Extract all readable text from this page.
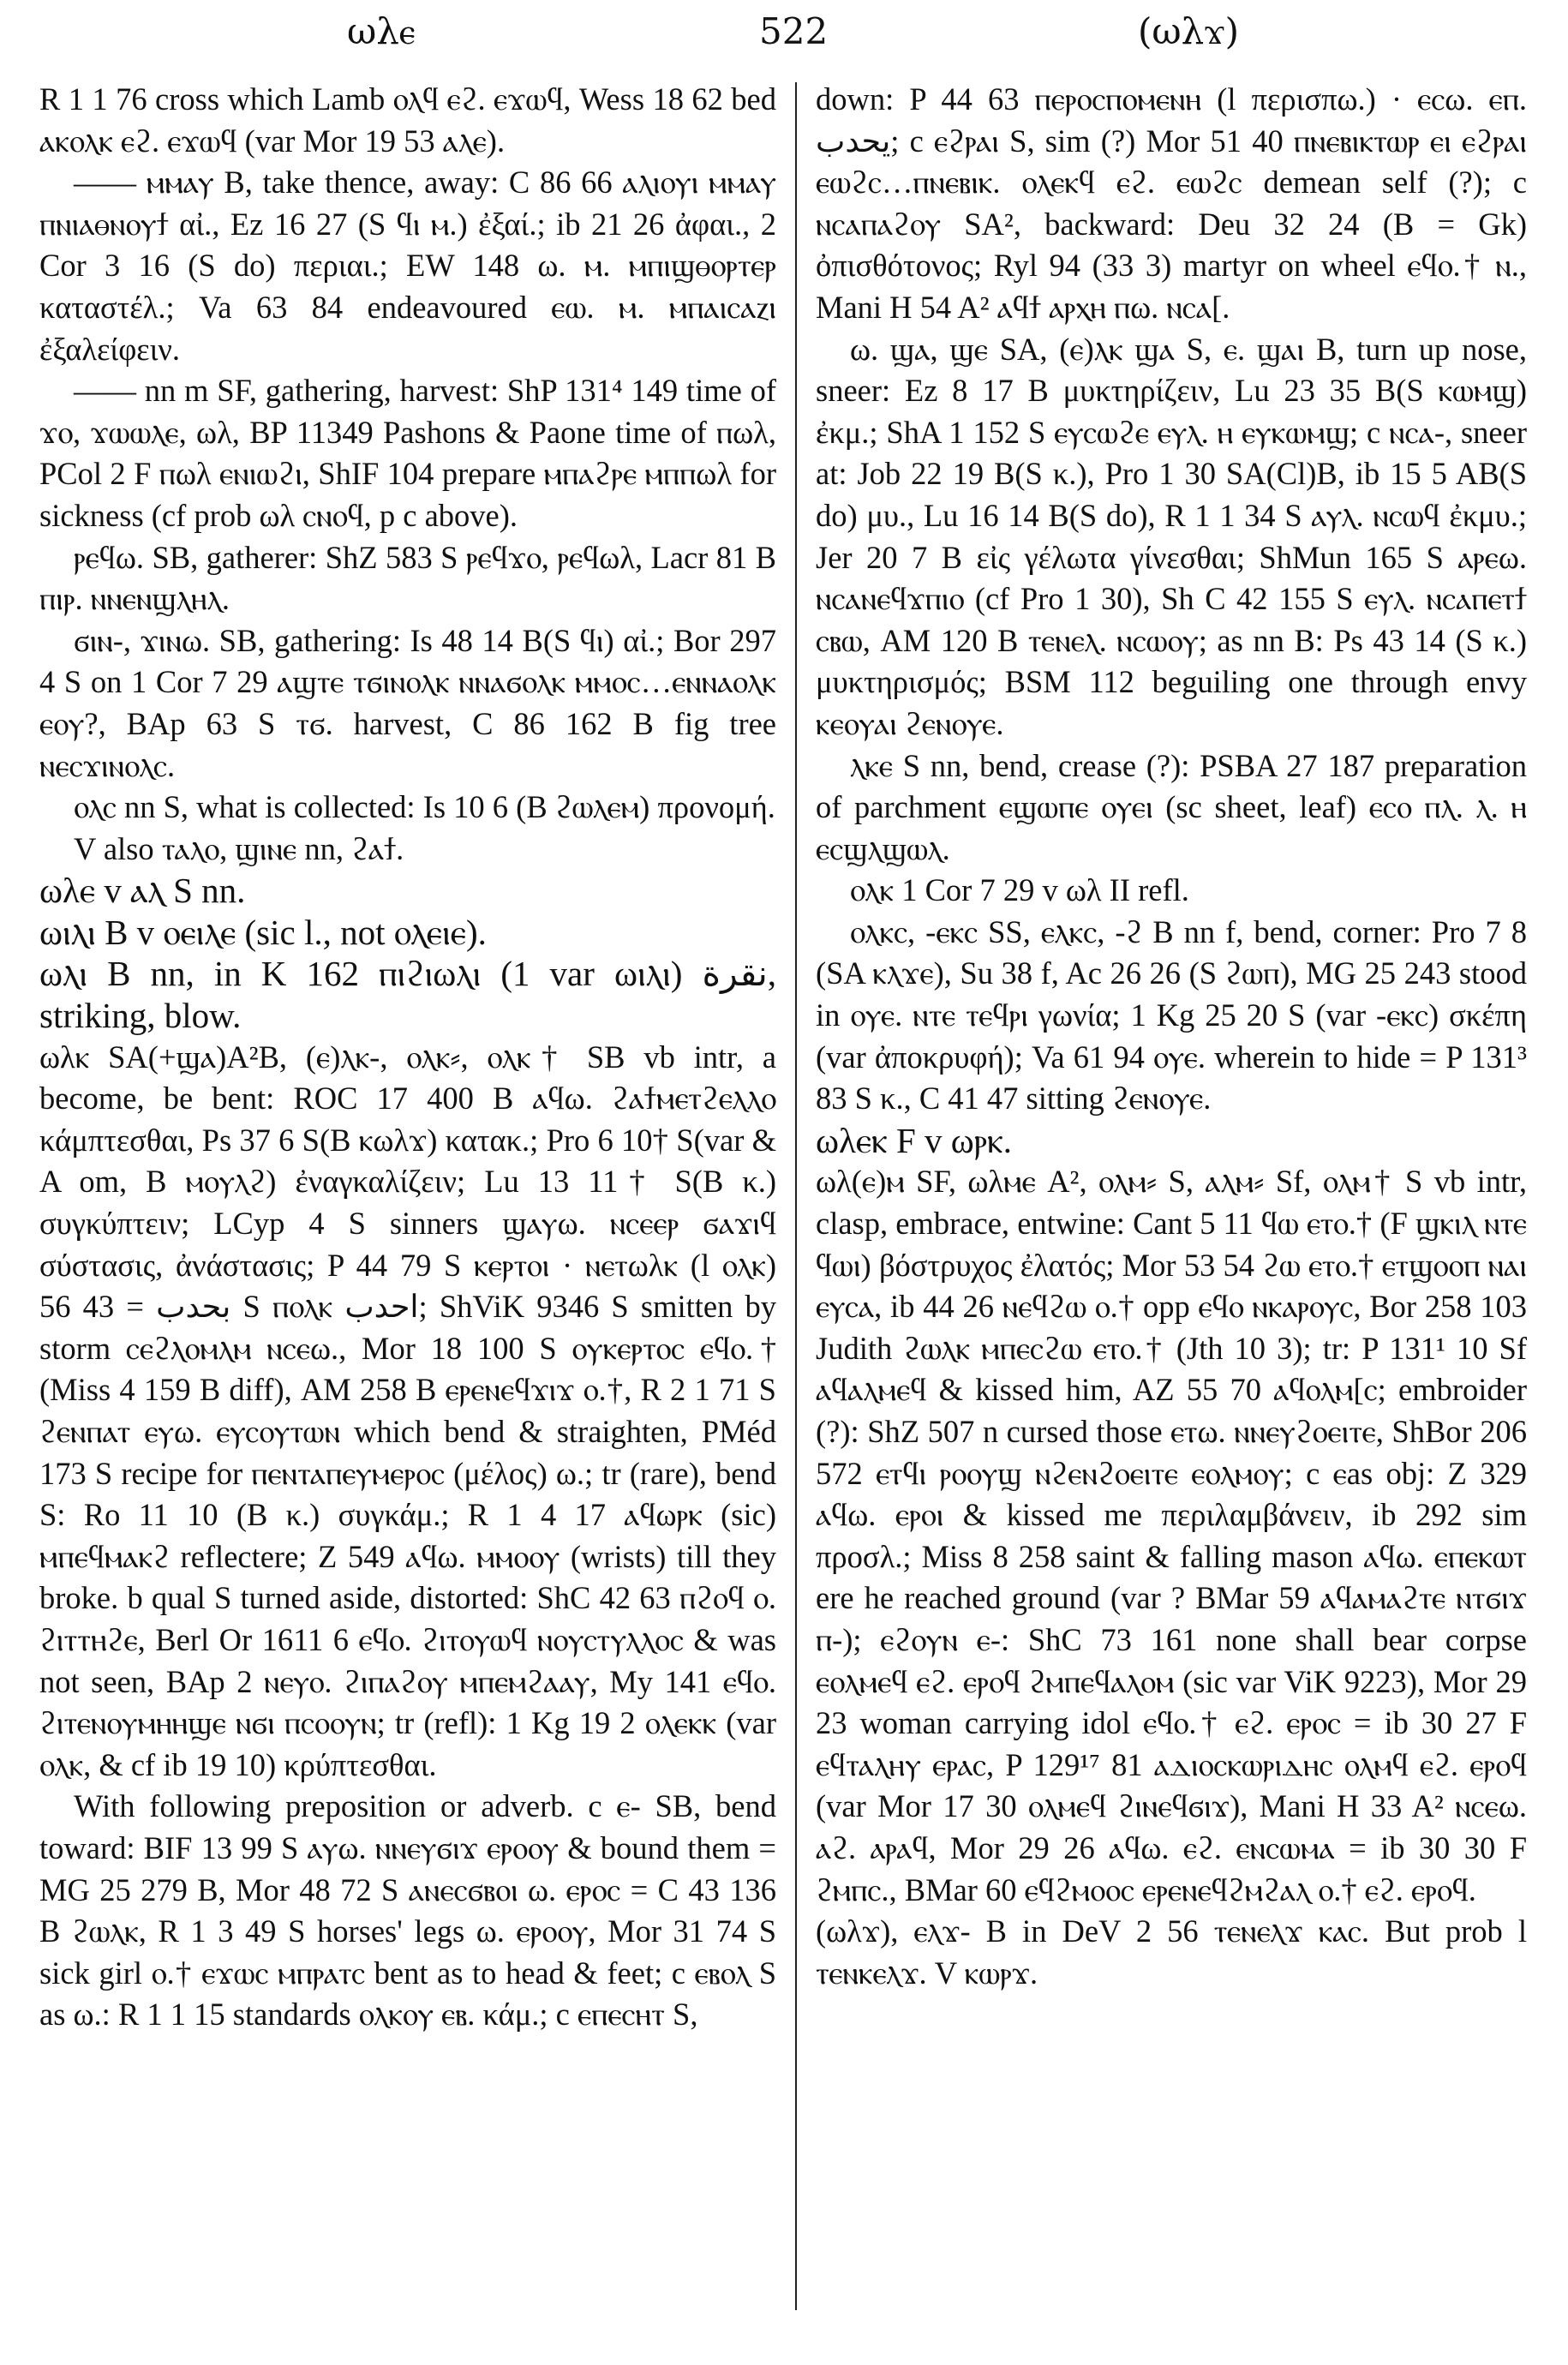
ωλⲉ	522	(ωλϫ)

R 1 1 76 cross which Lamb ⲟⲗϥ ⲉϩ. ⲉϫⲱϥ, Wess 18 62 bed ⲁⲕⲟⲗⲕ ⲉϩ. ⲉϫⲱϥ (var Mor 19 53 ⲁⲗⲉ).

—— ⲙⲙⲁⲩ B, take thence, away: C 86 66 ⲁⲗⲓⲟⲩⲓ ⲙⲙⲁⲩ ⲡⲛⲓⲁⲑⲛⲟⲩϯ αἰ., Ez 16 27 (S ϥⲓ ⲙ.) ἐξαί.; ib 21 26 ἀφαι., 2 Cor 3 16 (S do) περιαι.; EW 148 ω. ⲙ. ⲙⲡⲓϣⲑⲟⲣⲧⲉⲣ καταστέλ.; Va 63 84 endeavoured ⲉⲱ. ⲙ. ⲙⲡⲁⲓⲥⲁⲍⲓ ἐξαλείφειν.

—— nn m SF, gathering, harvest: ShP 131⁴ 149 time of ϫⲟ, ϫⲱⲱⲗⲉ, ωλ, BP 11349 Pashons & Paone time of ⲡωλ, PCol 2 F ⲡωλ ⲉⲛⲓⲱϩⲓ, ShIF 104 prepare ⲙⲡⲁϩⲣⲉ ⲙⲡⲡωλ for sickness (cf prob ωλ ⲥⲛⲟϥ, p c above).

ⲣⲉϥω. SB, gatherer: ShZ 583 S ⲣⲉϥϫⲟ, ⲣⲉϥωλ, Lacr 81 B ⲡⲓⲣ. ⲛⲛⲉⲛϣⲗⲏⲗ.

ϭⲓⲛ-, ϫⲓⲛω. SB, gathering: Is 48 14 B(S ϥⲓ) αἰ.; Bor 297 4 S on 1 Cor 7 29 ⲁϣⲧⲉ ⲧϭⲓⲛⲟⲗⲕ ⲛⲛⲁϭⲟⲗⲕ ⲙⲙⲟⲥ…ⲉⲛⲛⲁⲟⲗⲕ ⲉⲟⲩ?, BAp 63 S ⲧϭ. harvest, C 86 162 B fig tree ⲛⲉⲥϫⲓⲛⲟⲗⲥ.

ⲟⲗⲥ nn S, what is collected: Is 10 6 (B ϩⲱⲗⲉⲙ) προνομή.

V also ⲧⲁⲗⲟ, ϣⲓⲛⲉ nn, ϩⲁϯ.

ωλⲉ v ⲁⲗ S nn.

ωⲓⲗⲓ B v ⲟⲉⲓⲗⲉ (sic l., not ⲟⲗⲉⲓⲉ).

ωⲗⲓ B nn, in K 162 ⲡⲓϩⲓωⲗⲓ (1 var ωⲓⲗⲓ) نقرة, striking, blow.

ωλⲕ SA(+ϣⲁ)A²B, (ⲉ)ⲗⲕ-, ⲟⲗⲕ⸗, ⲟⲗⲕ† SB vb intr, a become, be bent: ROC 17 400 B ⲁϥω. ϩⲁϯⲙⲉⲧϩⲉⲗⲗⲟ κάμπτεσθαι, Ps 37 6 S(B ⲕωλϫ) κατακ.; Pro 6 10† S(var & A om, B ⲙⲟⲩⲗϩ) ἐναγκαλίζειν; Lu 13 11† S(B κ.) συγκύπτειν; LCyp 4 S sinners ϣⲁⲩω. ⲛⲥⲉⲉⲣ ϭⲁϫⲓϥ σύστασις, ἀνάστασις; P 44 79 S ⲕⲉⲣⲧⲟⲓ · ⲛⲉⲧωλⲕ (l ⲟⲗⲕ) بحدب = 43 56 S ⲡⲟⲗⲕ احدب; ShViK 9346 S smitten by storm ⲥⲉϩⲗⲟⲙⲗⲙ ⲛⲥⲉω., Mor 18 100 S ⲟⲩⲕⲉⲣⲧⲟⲥ ⲉϥⲟ.† (Miss 4 159 B diff), AM 258 B ⲉⲣⲉⲛⲉϥϫⲓϫ ⲟ.†, R 2 1 71 S ϩⲉⲛⲡⲁⲧ ⲉⲩω. ⲉⲩⲥⲟⲩⲧⲱⲛ which bend & straighten, PMéd 173 S recipe for ⲡⲉⲛⲧⲁⲡⲉⲩⲙⲉⲣⲟⲥ (μέλος) ω.; tr (rare), bend S: Ro 11 10 (B κ.) συγκάμ.; R 1 4 17 ⲁϥωⲣⲕ (sic) ⲙⲡⲉϥⲙⲁⲕϩ reflectere; Z 549 ⲁϥω. ⲙⲙⲟⲟⲩ (wrists) till they broke. b qual S turned aside, distorted: ShC 42 63 ⲡϩⲟϥ ⲟ. ϩⲓⲧⲧⲏϩⲉ, Berl Or 1611 6 ⲉϥⲟ. ϩⲓⲧⲟⲩⲱϥ ⲛⲟⲩⲥⲧⲩⲗⲗⲟⲥ & was not seen, BAp 2 ⲛⲉⲩⲟ. ϩⲓⲡⲁϩⲟⲩ ⲙⲡⲉⲙϩⲁⲁⲩ, My 141 ⲉϥⲟ. ϩⲓⲧⲉⲛⲟⲩⲙⲏⲏϣⲉ ⲛϭⲓ ⲡⲥⲟⲟⲩⲛ; tr (refl): 1 Kg 19 2 ⲟⲗⲉⲕⲕ (var ⲟⲗⲕ, & cf ib 19 10) κρύπτεσθαι.

With following preposition or adverb. c ⲉ- SB, bend toward: BIF 13 99 S ⲁⲩω. ⲛⲛⲉⲩϭⲓϫ ⲉⲣⲟⲟⲩ & bound them = MG 25 279 B, Mor 48 72 S ⲁⲛⲉⲥϭⲃⲟⲓ ω. ⲉⲣⲟⲥ = C 43 136 B ϩⲱⲗⲕ, R 1 3 49 S horses' legs ω. ⲉⲣⲟⲟⲩ, Mor 31 74 S sick girl ⲟ.† ⲉϫⲱⲥ ⲙⲡⲣⲁⲧⲥ bent as to head & feet; c ⲉⲃⲟⲗ S as ω.: R 1 1 15 standards ⲟⲗⲕⲟⲩ ⲉⲃ. κάμ.; c ⲉⲡⲉⲥⲏⲧ S,

down: P 44 63 ⲡⲉⲣⲟⲥⲡⲟⲙⲉⲛⲏ (l περισπω.) · ⲉⲥω. ⲉⲡ. يحدب; c ⲉϩⲣⲁⲓ S, sim (?) Mor 51 40 ⲡⲛⲉⲃⲓⲕⲧⲱⲣ ⲉⲓ ⲉϩⲣⲁⲓ ⲉⲱϩⲥ…ⲡⲛⲉⲃⲓⲕ. ⲟⲗⲉⲕϥ ⲉϩ. ⲉⲱϩⲥ demean self (?); c ⲛⲥⲁⲡⲁϩⲟⲩ SA², backward: Deu 32 24 (B = Gk) ὀπισθότονος; Ryl 94 (33 3) martyr on wheel ⲉϥⲟ.† ⲛ., Mani H 54 A² ⲁϥϯ ⲁⲣⲭⲏ ⲡω. ⲛⲥⲁ[.

ω. ϣⲁ, ϣⲉ SA, (ⲉ)ⲗⲕ ϣⲁ S, ⲉ. ϣⲁⲓ B, turn up nose, sneer: Ez 8 17 B μυκτηρίζειν, Lu 23 35 B(S ⲕⲱⲙϣ) ἐκμ.; ShA 1 152 S ⲉⲩⲥⲱϩⲉ ⲉⲩⲗ. ⲏ ⲉⲩⲕⲱⲙϣ; c ⲛⲥⲁ-, sneer at: Job 22 19 B(S κ.), Pro 1 30 SA(Cl)B, ib 15 5 AB(S do) μυ., Lu 16 14 B(S do), R 1 1 34 S ⲁⲩⲗ. ⲛⲥⲱϥ ἐκμυ.; Jer 20 7 B εἰς γέλωτα γίνεσθαι; ShMun 165 S ⲁⲣⲉω. ⲛⲥⲁⲛⲉϥϫⲡⲓⲟ (cf Pro 1 30), Sh C 42 155 S ⲉⲩⲗ. ⲛⲥⲁⲡⲉⲧϯ ⲥⲃⲱ, AM 120 B ⲧⲉⲛⲉⲗ. ⲛⲥⲱⲟⲩ; as nn B: Ps 43 14 (S κ.) μυκτηρισμός; BSM 112 beguiling one through envy ⲕⲉⲟⲩⲁⲓ ϩⲉⲛⲟⲩⲉ.

ⲗⲕⲉ S nn, bend, crease (?): PSBA 27 187 preparation of parchment ⲉϣⲱⲡⲉ ⲟⲩⲉⲓ (sc sheet, leaf) ⲉⲥⲟ ⲡⲗ. ⲗ. ⲏ ⲉⲥϣⲗϣⲱⲗ.

ⲟⲗⲕ 1 Cor 7 29 v ωλ II refl.

ⲟⲗⲕⲥ, -ⲉⲕⲥ SS, ⲉⲗⲕⲥ, -ϩ B nn f, bend, corner: Pro 7 8 (SA ⲕⲗϫⲉ), Su 38 f, Ac 26 26 (S ϩⲱⲡ), MG 25 243 stood in ⲟⲩⲉ. ⲛⲧⲉ ⲧⲉϥⲣⲓ γωνία; 1 Kg 25 20 S (var -ⲉⲕⲥ) σκέπη (var ἀποκρυφή); Va 61 94 ⲟⲩⲉ. wherein to hide = P 131³ 83 S κ., C 41 47 sitting ϩⲉⲛⲟⲩⲉ.

ωλⲉⲕ F v ωⲣⲕ.

ωλ(ⲉ)ⲙ SF, ωλⲙⲉ A², ⲟⲗⲙ⸗ S, ⲁⲗⲙ⸗ Sf, ⲟⲗⲙ† S vb intr, clasp, embrace, entwine: Cant 5 11 ϥⲱ ⲉⲧⲟ.† (F ϣⲕⲓⲗ ⲛⲧⲉ ϥⲱⲓ) βόστρυχος ἐλατός; Mor 53 54 ϩⲱ ⲉⲧⲟ.† ⲉⲧϣⲟⲟⲡ ⲛⲁⲓ ⲉⲩⲥⲁ, ib 44 26 ⲛⲉϥϩⲱ ⲟ.† opp ⲉϥⲟ ⲛⲕⲁⲣⲟⲩⲥ, Bor 258 103 Judith ϩⲱⲗⲕ ⲙⲡⲉⲥϩⲱ ⲉⲧⲟ.† (Jth 10 3); tr: P 131¹ 10 Sf ⲁϥⲁⲗⲙⲉϥ & kissed him, AZ 55 70 ⲁϥⲟⲗⲙ[ⲥ; embroider (?): ShZ 507 n cursed those ⲉⲧω. ⲛⲛⲉⲩϩⲟⲉⲓⲧⲉ, ShBor 206 572 ⲉⲧϥⲓ ⲣⲟⲟⲩϣ ⲛϩⲉⲛϩⲟⲉⲓⲧⲉ ⲉⲟⲗⲙⲟⲩ; c ⲉas obj: Z 329 ⲁϥω. ⲉⲣⲟⲓ & kissed me περιλαμβάνειν, ib 292 sim προσλ.; Miss 8 258 saint & falling mason ⲁϥω. ⲉⲡⲉⲕⲱⲧ ere he reached ground (var ? BMar 59 ⲁϥⲁⲙⲁϩⲧⲉ ⲛⲧϭⲓϫ ⲡ-); ⲉϩⲟⲩⲛ ⲉ-: ShC 73 161 none shall bear corpse ⲉⲟⲗⲙⲉϥ ⲉϩ. ⲉⲣⲟϥ ϩⲙⲡⲉϥⲁⲗⲟⲙ (sic var ViK 9223), Mor 29 23 woman carrying idol ⲉϥⲟ.† ⲉϩ. ⲉⲣⲟⲥ = ib 30 27 F ⲉϥⲧⲁⲗⲏⲩ ⲉⲣⲁⲥ, P 129¹⁷ 81 ⲁⲇⲓⲟⲥⲕⲱⲣⲓⲇⲏⲥ ⲟⲗⲙϥ ⲉϩ. ⲉⲣⲟϥ (var Mor 17 30 ⲟⲗⲙⲉϥ ϩⲓⲛⲉϥϭⲓϫ), Mani H 33 A² ⲛⲥⲉω. ⲁϩ. ⲁⲣⲁϥ, Mor 29 26 ⲁϥω. ⲉϩ. ⲉⲛⲥⲱⲙⲁ = ib 30 30 F ϩⲙⲡⲥ., BMar 60 ⲉϥϩⲙⲟⲟⲥ ⲉⲣⲉⲛⲉϥϩⲙϩⲁⲗ ⲟ.† ⲉϩ. ⲉⲣⲟϥ.

(ωλϫ), ⲉⲗϫ- B in DeV 2 56 ⲧⲉⲛⲉⲗϫ ⲕⲁⲥ. But prob l ⲧⲉⲛⲕⲉⲗϫ. V ⲕⲱⲣϫ.
